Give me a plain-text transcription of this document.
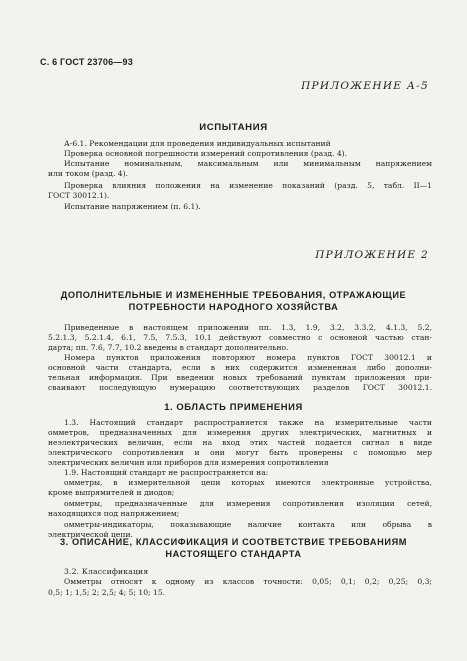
С. 6 ГОСТ 23706—93
ПРИЛОЖЕНИЕ А-5
ИСПЫТАНИЯ
А-6.1. Рекомендации для проведения индивидуальных испытаний
Проверка основной погрешности измерений сопротивления (разд. 4).
Испытание номинальным, максимальным или минимальным напряжением
или током (разд. 4).
Проверка влияния положения на изменение показаний (разд. 5, табл. II—1
ГОСТ 30012.1).
Испытание напряжением (п. 6.1).
ПРИЛОЖЕНИЕ 2
ДОПОЛНИТЕЛЬНЫЕ И ИЗМЕНЕННЫЕ ТРЕБОВАНИЯ, ОТРАЖАЮЩИЕ
ПОТРЕБНОСТИ НАРОДНОГО ХОЗЯЙСТВА
Приведенные в настоящем приложении пп. 1.3, 1.9, 3.2, 3.3.2, 4.1.3, 5.2,
5.2.1.3, 5.2.1.4, 6.1, 7.5, 7.5.3, 10.1 действуют совместно с основной частью стан-
дарта; пп. 7.6, 7.7, 10.2 введены в стандарт дополнительно.
Номера пунктов приложения повторяют номера пунктов ГОСТ 30012.1 и
основной части стандарта, если в них содержится измененная либо дополни-
тельная информация. При введении новых требований пунктам приложения при-
сваивают последующую нумерацию соответствующих разделов ГОСТ 30012.1.
1. ОБЛАСТЬ ПРИМЕНЕНИЯ
1.3. Настоящий стандарт распространяется также на измерительные части
омметров, предназначенных для измерения других электрических, магнитных и
неэлектрических величин, если на вход этих частей подается сигнал в виде
электрического сопротивления и они могут быть проверены с помощью мер
электрических величин или приборов для измерения сопротивления
1.9. Настоящий стандарт не распространяется на:
омметры, в измерительной цепи которых имеются электронные устройства,
кроме выпрямителей и диодов;
омметры, предназначенные для измерения сопротивления изоляции сетей,
находящихся под напряжением;
омметры-индикаторы, показывающие наличие контакта или обрыва в
электрической цепи.
3. ОПИСАНИЕ, КЛАССИФИКАЦИЯ И СООТВЕТСТВИЕ ТРЕБОВАНИЯМ
НАСТОЯЩЕГО СТАНДАРТА
3.2. Классификация
Омметры относят к одному из классов точности: 0,05; 0,1; 0,2; 0,25; 0,3;
0,5; 1; 1,5; 2; 2,5; 4; 5; 10; 15.
